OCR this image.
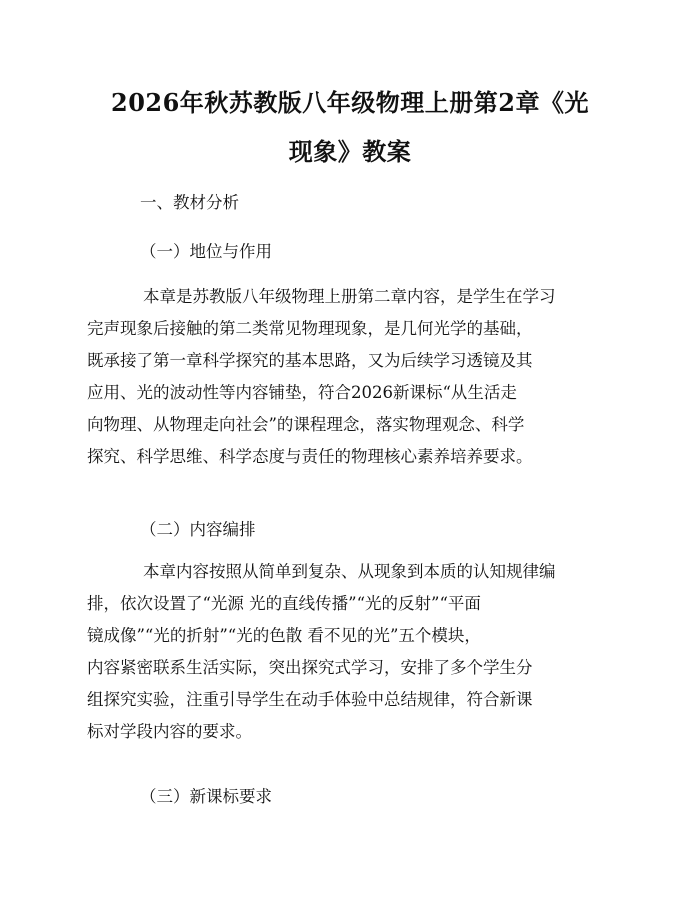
2026年秋苏教版八年级物理上册第2章《光
现象》教案

一、教材分析

（一）地位与作用

本章是苏教版八年级物理上册第二章内容，是学生在学习
完声现象后接触的第二类常见物理现象，是几何光学的基础，
既承接了第一章科学探究的基本思路，又为后续学习透镜及其
应用、光的波动性等内容铺垫，符合2026新课标“从生活走
向物理、从物理走向社会”的课程理念，落实物理观念、科学
探究、科学思维、科学态度与责任的物理核心素养培养要求。

（二）内容编排

本章内容按照从简单到复杂、从现象到本质的认知规律编
排，依次设置了“光源 光的直线传播”“光的反射”“平面
镜成像”“光的折射”“光的色散 看不见的光”五个模块，
内容紧密联系生活实际，突出探究式学习，安排了多个学生分
组探究实验，注重引导学生在动手体验中总结规律，符合新课
标对学段内容的要求。

（三）新课标要求
